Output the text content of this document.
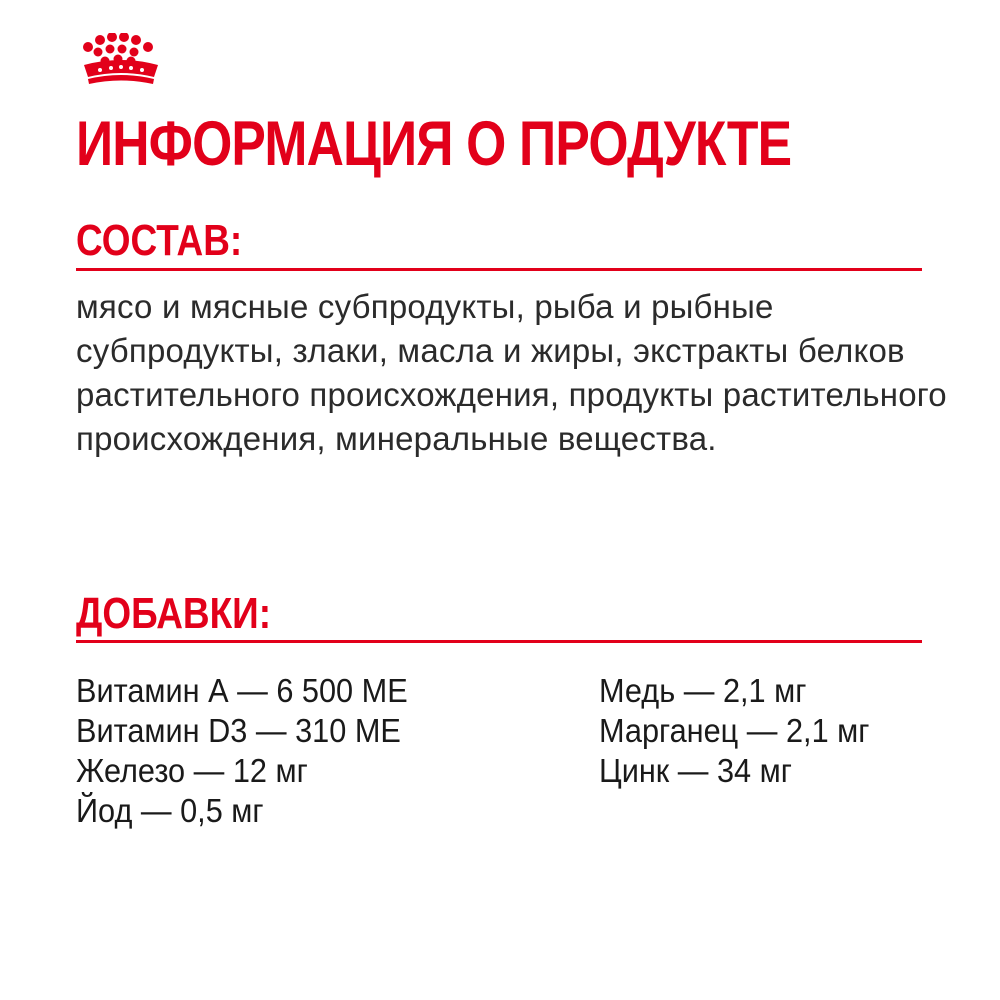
ИНФОРМАЦИЯ О ПРОДУКТЕ
СОСТАВ:

мясо и мясные субпродукты, рыба и рыбные субпродукты, злаки, масла и жиры, экстракты белков растительного происхождения, продукты растительного происхождения, минеральные вещества.

ДОБАВКИ:
Витамин А — 6 500 МЕ
Витамин D3 — 310 МЕ
Железо — 12 мг
Йод — 0,5 мг
Медь — 2,1 мг
Марганец — 2,1 мг
Цинк — 34 мг
